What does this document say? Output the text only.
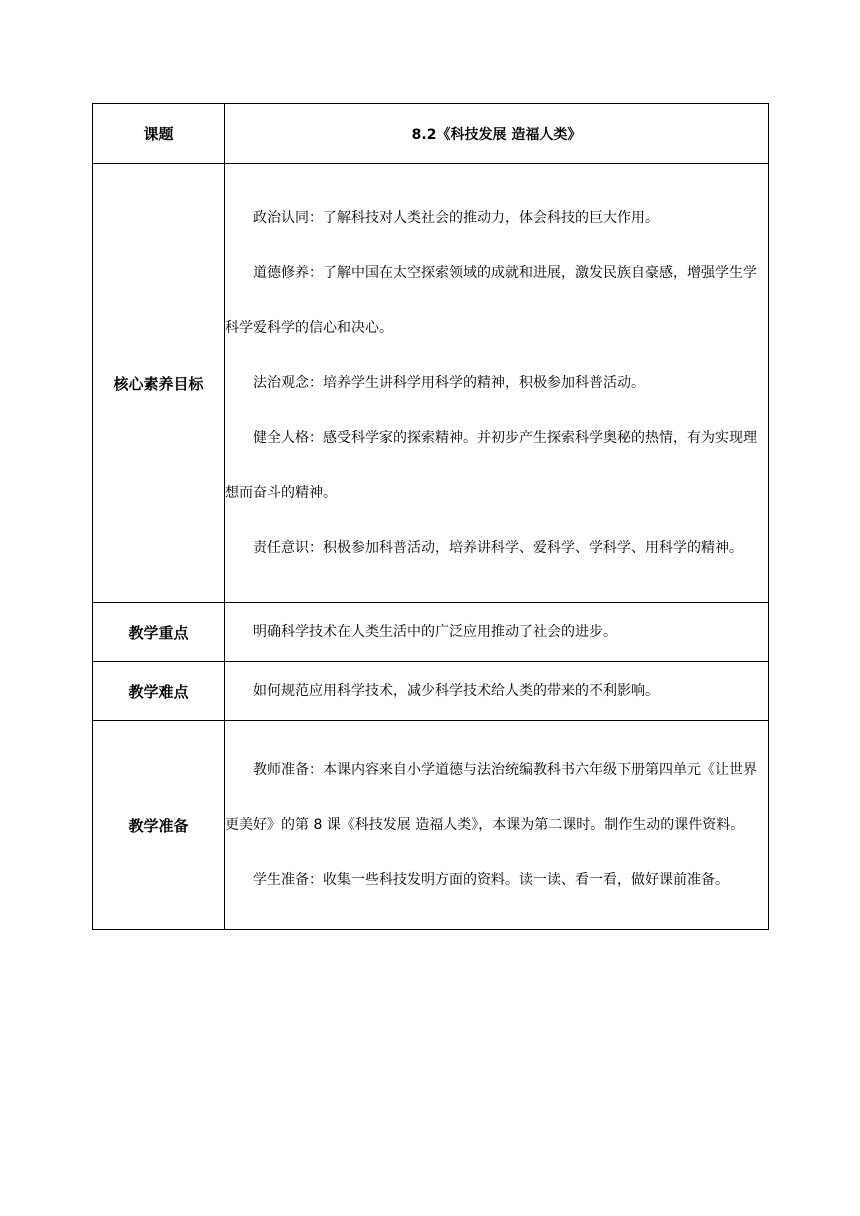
课题	8.2《科技发展 造福人类》
核心素养目标	政治认同：了解科技对人类社会的推动力，体会科技的巨大作用。

道德修养：了解中国在太空探索领域的成就和进展，激发民族自豪感，增强学生学科学爱科学的信心和决心。

法治观念：培养学生讲科学用科学的精神，积极参加科普活动。

健全人格：感受科学家的探索精神。并初步产生探索科学奥秘的热情，有为实现理想而奋斗的精神。

责任意识：积极参加科普活动，培养讲科学、爱科学、学科学、用科学的精神。

教学重点	明确科学技术在人类生活中的广泛应用推动了社会的进步。

教学难点	如何规范应用科学技术，减少科学技术给人类的带来的不利影响。

教学准备	教师准备：本课内容来自小学道德与法治统编教科书六年级下册第四单元《让世界更美好》的第 8 课《科技发展 造福人类》，本课为第二课时。制作生动的课件资料。

学生准备：收集一些科技发明方面的资料。读一读、看一看，做好课前准备。
